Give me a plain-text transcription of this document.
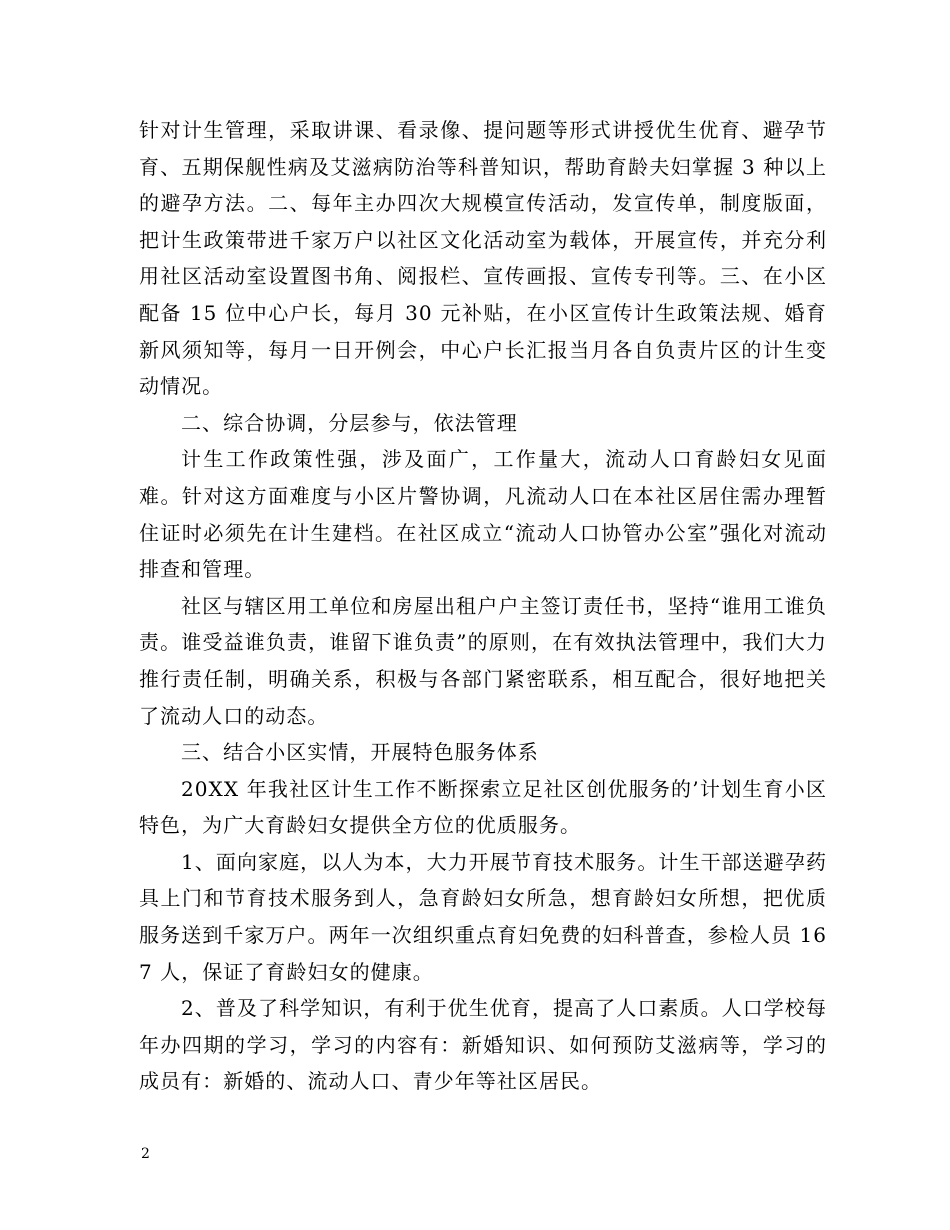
针对计生管理，采取讲课、看录像、提问题等形式讲授优生优育、避孕节育、五期保舰性病及艾滋病防治等科普知识，帮助育龄夫妇掌握 3 种以上的避孕方法。二、每年主办四次大规模宣传活动，发宣传单，制度版面，把计生政策带进千家万户以社区文化活动室为载体，开展宣传，并充分利用社区活动室设置图书角、阅报栏、宣传画报、宣传专刊等。三、在小区配备 15 位中心户长，每月 30 元补贴，在小区宣传计生政策法规、婚育新风须知等，每月一日开例会，中心户长汇报当月各自负责片区的计生变动情况。

二、综合协调，分层参与，依法管理

计生工作政策性强，涉及面广，工作量大，流动人口育龄妇女见面难。针对这方面难度与小区片警协调，凡流动人口在本社区居住需办理暂住证时必须先在计生建档。在社区成立“流动人口协管办公室”强化对流动排查和管理。

社区与辖区用工单位和房屋出租户户主签订责任书，坚持“谁用工谁负责。谁受益谁负责，谁留下谁负责”的原则，在有效执法管理中，我们大力推行责任制，明确关系，积极与各部门紧密联系，相互配合，很好地把关了流动人口的动态。

三、结合小区实情，开展特色服务体系

20XX 年我社区计生工作不断探索立足社区创优服务的’计划生育小区特色，为广大育龄妇女提供全方位的优质服务。

1、面向家庭，以人为本，大力开展节育技术服务。计生干部送避孕药具上门和节育技术服务到人，急育龄妇女所急，想育龄妇女所想，把优质服务送到千家万户。两年一次组织重点育妇免费的妇科普查，参检人员 167 人，保证了育龄妇女的健康。

2、普及了科学知识，有利于优生优育，提高了人口素质。人口学校每年办四期的学习，学习的内容有：新婚知识、如何预防艾滋病等，学习的成员有：新婚的、流动人口、青少年等社区居民。

2
